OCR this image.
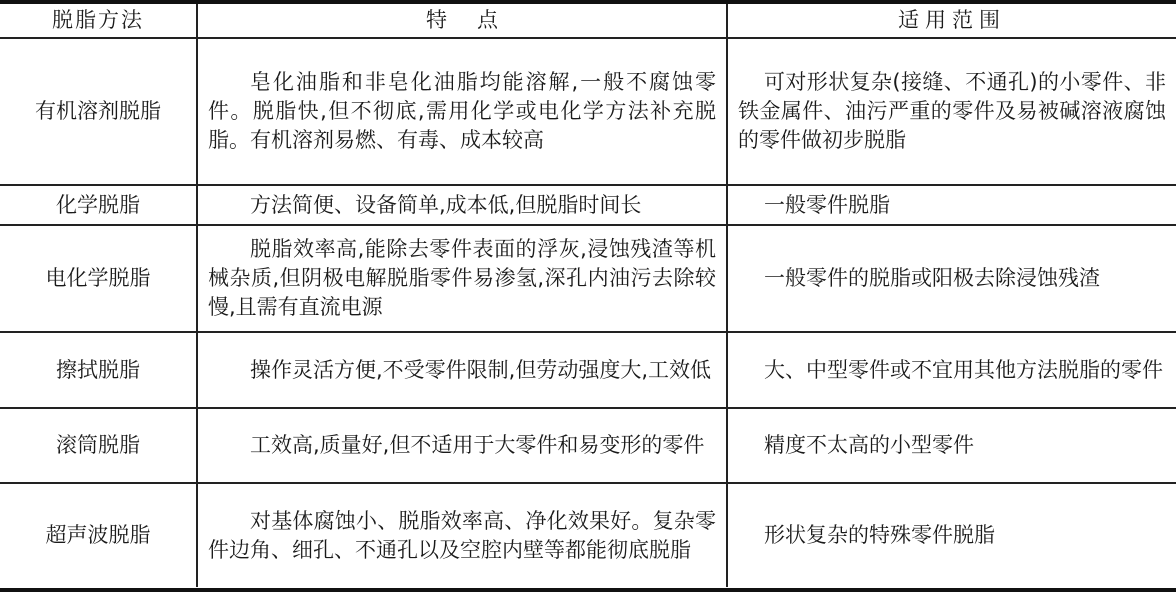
脱脂方法	特点	适用范围
有机溶剂脱脂	皂化油脂和非皂化油脂均能溶解,一般不腐蚀零件。脱脂快,但不彻底,需用化学或电化学方法补充脱脂。有机溶剂易燃、有毒、成本较高	可对形状复杂(接缝、不通孔)的小零件、非铁金属件、油污严重的零件及易被碱溶液腐蚀的零件做初步脱脂
化学脱脂	方法简便、设备简单,成本低,但脱脂时间长	一般零件脱脂
电化学脱脂	脱脂效率高,能除去零件表面的浮灰,浸蚀残渣等机械杂质,但阴极电解脱脂零件易渗氢,深孔内油污去除较慢,且需有直流电源	一般零件的脱脂或阳极去除浸蚀残渣
擦拭脱脂	操作灵活方便,不受零件限制,但劳动强度大,工效低	大、中型零件或不宜用其他方法脱脂的零件
滚筒脱脂	工效高,质量好,但不适用于大零件和易变形的零件	精度不太高的小型零件
超声波脱脂	对基体腐蚀小、脱脂效率高、净化效果好。复杂零件边角、细孔、不通孔以及空腔内壁等都能彻底脱脂	形状复杂的特殊零件脱脂
